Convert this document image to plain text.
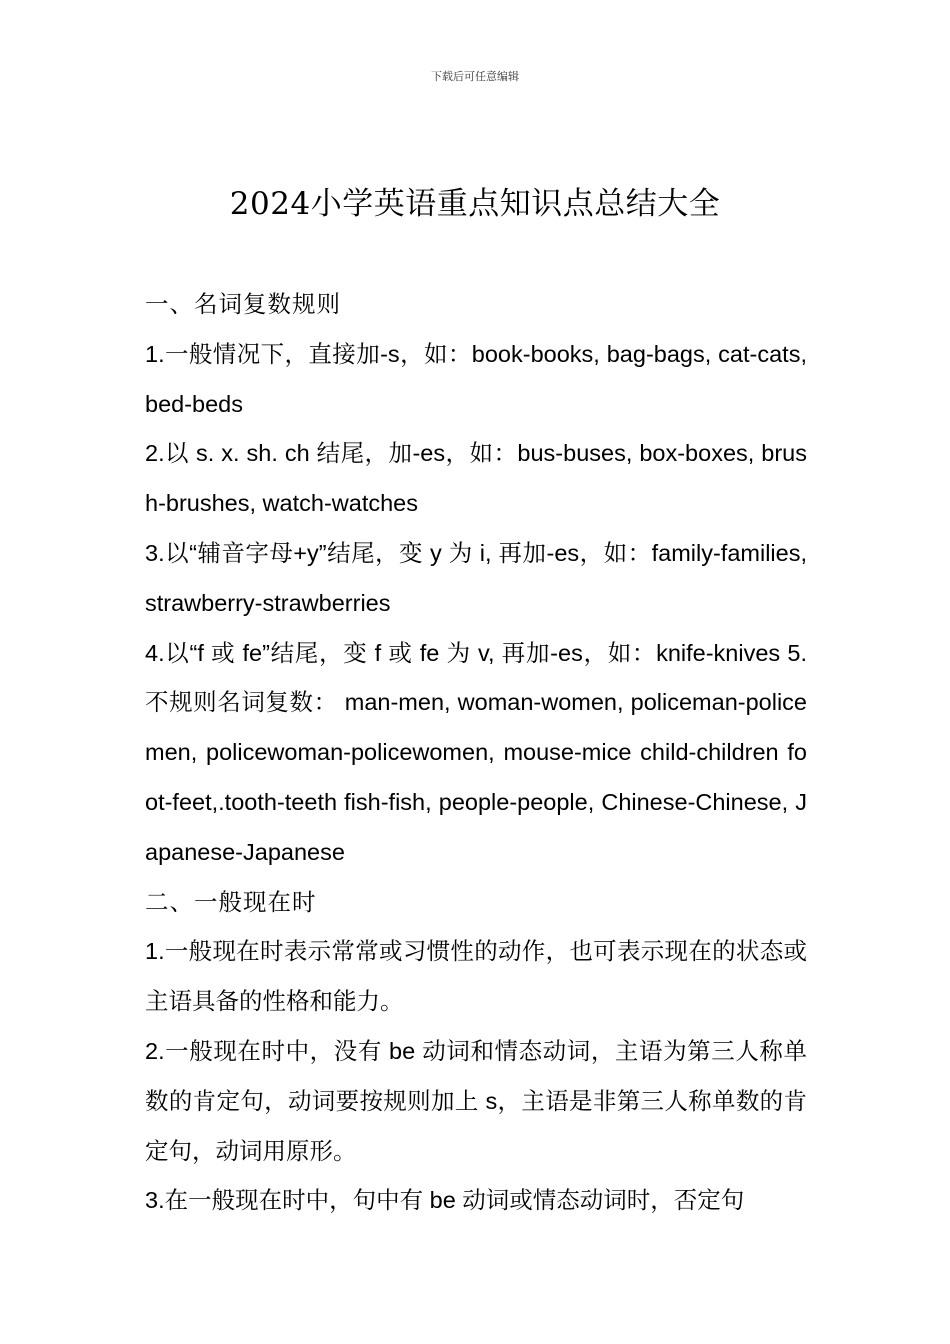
下载后可任意编辑
2024小学英语重点知识点总结大全

一、名词复数规则

1.一般情况下，直接加-s，如：book-books, bag-bags, cat-cats, bed-beds

2.以 s. x. sh. ch 结尾，加-es，如：bus-buses, box-boxes, brush-brushes, watch-watches

3.以“辅音字母+y”结尾，变 y 为 i, 再加-es，如：family-families, strawberry-strawberries

4.以“f 或 fe”结尾，变 f 或 fe 为 v, 再加-es，如：knife-knives 5.不规则名词复数： man-men, woman-women, policeman-policemen, policewoman-policewomen, mouse-mice child-children foot-feet,.tooth-teeth fish-fish, people-people, Chinese-Chinese, Japanese-Japanese

二、一般现在时

1.一般现在时表示常常或习惯性的动作，也可表示现在的状态或主语具备的性格和能力。

2.一般现在时中，没有 be 动词和情态动词，主语为第三人称单数的肯定句，动词要按规则加上 s，主语是非第三人称单数的肯定句，动词用原形。

3.在一般现在时中，句中有 be 动词或情态动词时，否定句
